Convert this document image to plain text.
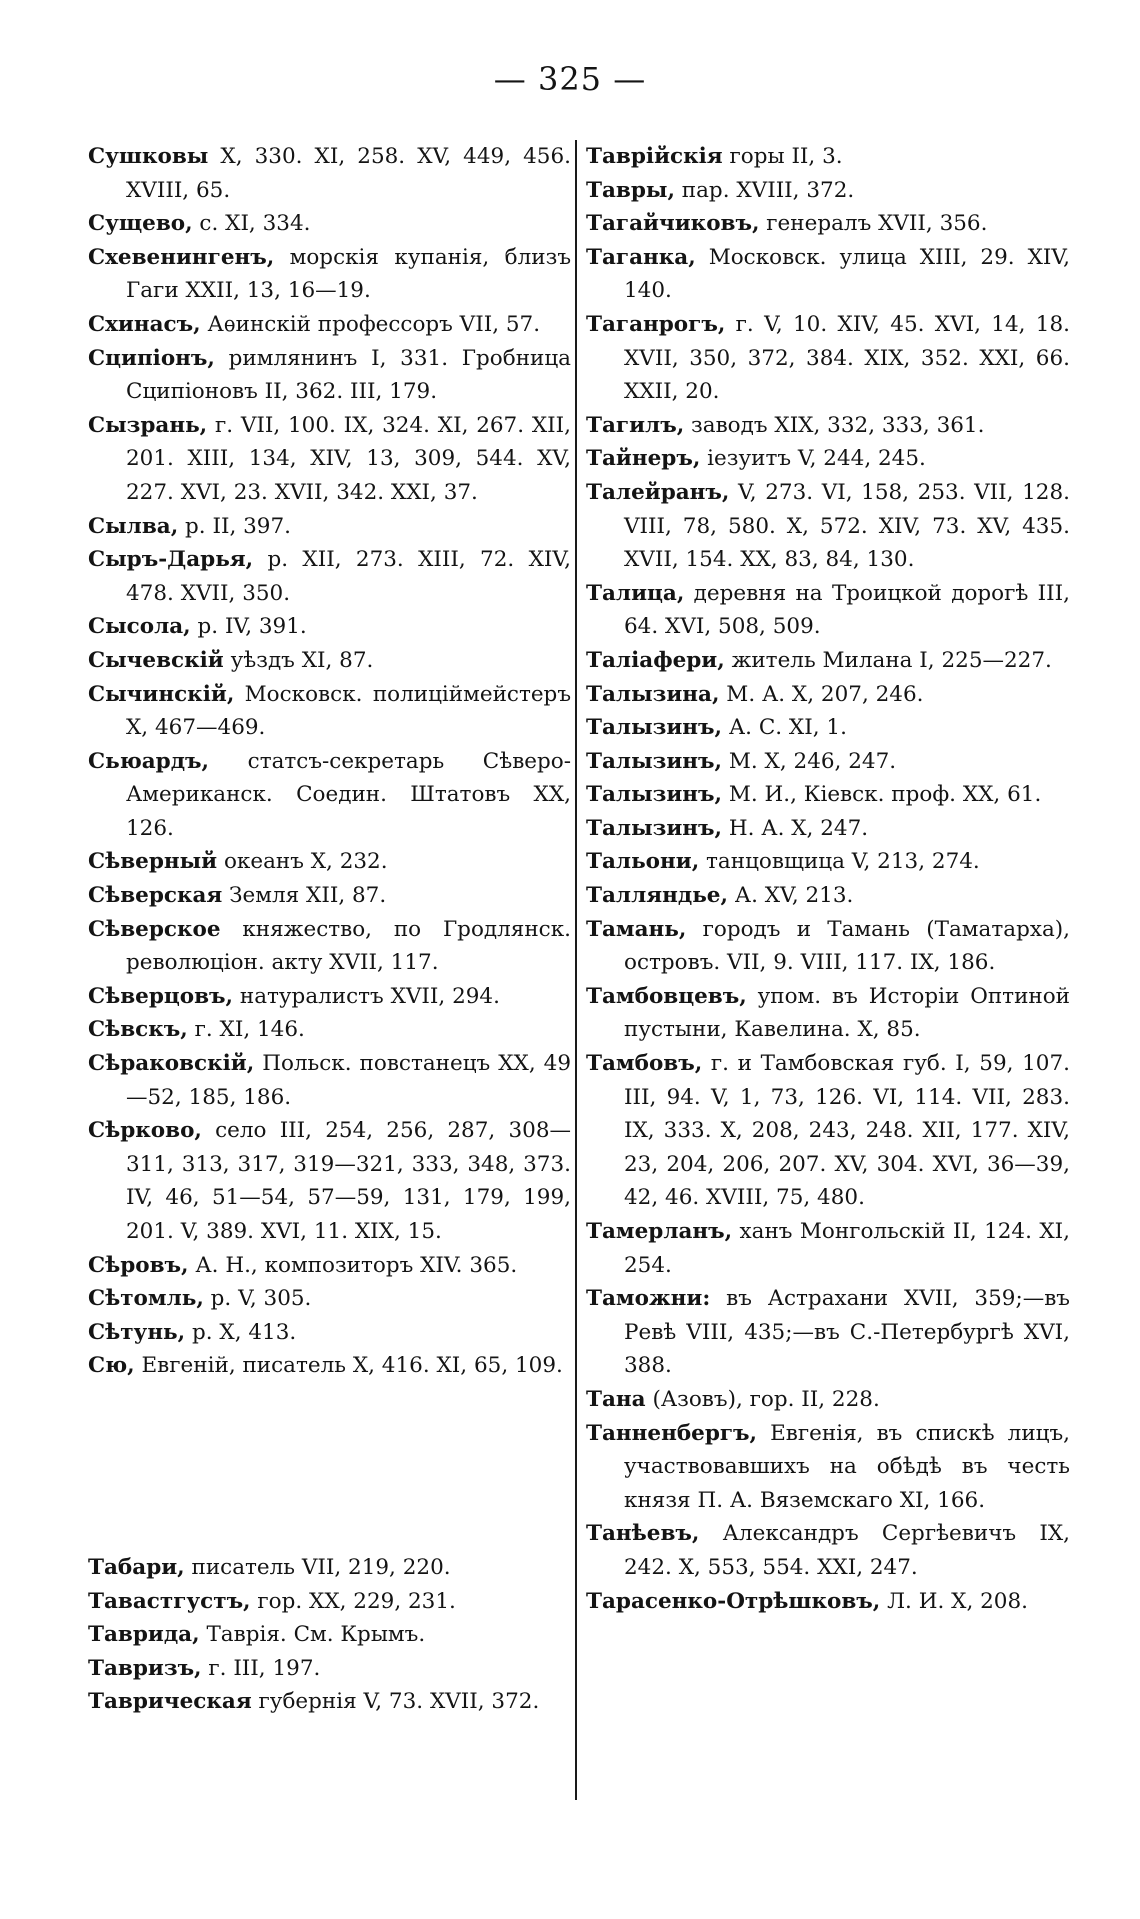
— 325 —

Сушковы X, 330. XI, 258. XV, 449, 456. XVIII, 65.

Сущево, с. XI, 334.

Схевенингенъ, морскія купанія, близъ Гаги XXII, 13, 16—19.

Схинасъ, Аѳинскій профессоръ VII, 57.

Сципіонъ, римлянинъ I, 331. Гробница Сципіоновъ II, 362. III, 179.

Сызрань, г. VII, 100. IX, 324. XI, 267. XII, 201. XIII, 134, XIV, 13, 309, 544. XV, 227. XVI, 23. XVII, 342. XXI, 37.

Сылва, р. II, 397.

Сыръ-Дарья, р. XII, 273. XIII, 72. XIV, 478. XVII, 350.

Сысола, р. IV, 391.

Сычевскій уѣздъ XI, 87.

Сычинскій, Московск. полиціймейстеръ X, 467—469.

Сьюардъ, статсъ-секретарь Сѣверо-Американск. Соедин. Штатовъ XX, 126.

Сѣверный океанъ X, 232.

Сѣверская Земля XII, 87.

Сѣверское княжество, по Гродлянск. революціон. акту XVII, 117.

Сѣверцовъ, натуралистъ XVII, 294.

Сѣвскъ, г. XI, 146.

Сѣраковскій, Польск. повстанецъ XX, 49—52, 185, 186.

Сѣрково, село III, 254, 256, 287, 308—311, 313, 317, 319—321, 333, 348, 373. IV, 46, 51—54, 57—59, 131, 179, 199, 201. V, 389. XVI, 11. XIX, 15.

Сѣровъ, А. Н., композиторъ XIV. 365.

Сѣтомль, р. V, 305.

Сѣтунь, р. X, 413.

Сю, Евгеній, писатель X, 416. XI, 65, 109.

Табари, писатель VII, 219, 220.

Таваcтгустъ, гор. XX, 229, 231.

Таврида, Таврія. См. Крымъ.

Тавризъ, г. III, 197.

Таврическая губернія V, 73. XVII, 372.

Таврійскія горы II, 3.

Тавры, пар. XVIII, 372.

Тагайчиковъ, генералъ XVII, 356.

Таганка, Московск. улица XIII, 29. XIV, 140.

Таганрогъ, г. V, 10. XIV, 45. XVI, 14, 18. XVII, 350, 372, 384. XIX, 352. XXI, 66. XXII, 20.

Тагилъ, заводъ XIX, 332, 333, 361.

Тайнеръ, іезуитъ V, 244, 245.

Талейранъ, V, 273. VI, 158, 253. VII, 128. VIII, 78, 580. X, 572. XIV, 73. XV, 435. XVII, 154. XX, 83, 84, 130.

Талица, деревня на Троицкой дорогѣ III, 64. XVI, 508, 509.

Таліафери, житель Милана I, 225—227.

Талызина, М. А. X, 207, 246.

Талызинъ, А. С. XI, 1.

Талызинъ, М. X, 246, 247.

Талызинъ, М. И., Кіевск. проф. XX, 61.

Талызинъ, Н. А. X, 247.

Тальони, танцовщица V, 213, 274.

Талляндье, А. XV, 213.

Тамань, городъ и Тамань (Таматарха), островъ. VII, 9. VIII, 117. IX, 186.

Тамбовцевъ, упом. въ Исторіи Оптиной пустыни, Кавелина. X, 85.

Тамбовъ, г. и Тамбовская губ. I, 59, 107. III, 94. V, 1, 73, 126. VI, 114. VII, 283. IX, 333. X, 208, 243, 248. XII, 177. XIV, 23, 204, 206, 207. XV, 304. XVI, 36—39, 42, 46. XVIII, 75, 480.

Тамерланъ, ханъ Монгольскій II, 124. XI, 254.

Таможни: въ Астрахани XVII, 359;—въ Ревѣ VIII, 435;—въ С.-Петербургѣ XVI, 388.

Тана (Азовъ), гор. II, 228.

Танненбергъ, Евгенія, въ спискѣ лицъ, участвовавшихъ на обѣдѣ въ честь князя П. А. Вяземскаго XI, 166.

Танѣевъ, Александръ Сергѣевичъ IX, 242. X, 553, 554. XXI, 247.

Тарасенко-Отрѣшковъ, Л. И. X, 208.
